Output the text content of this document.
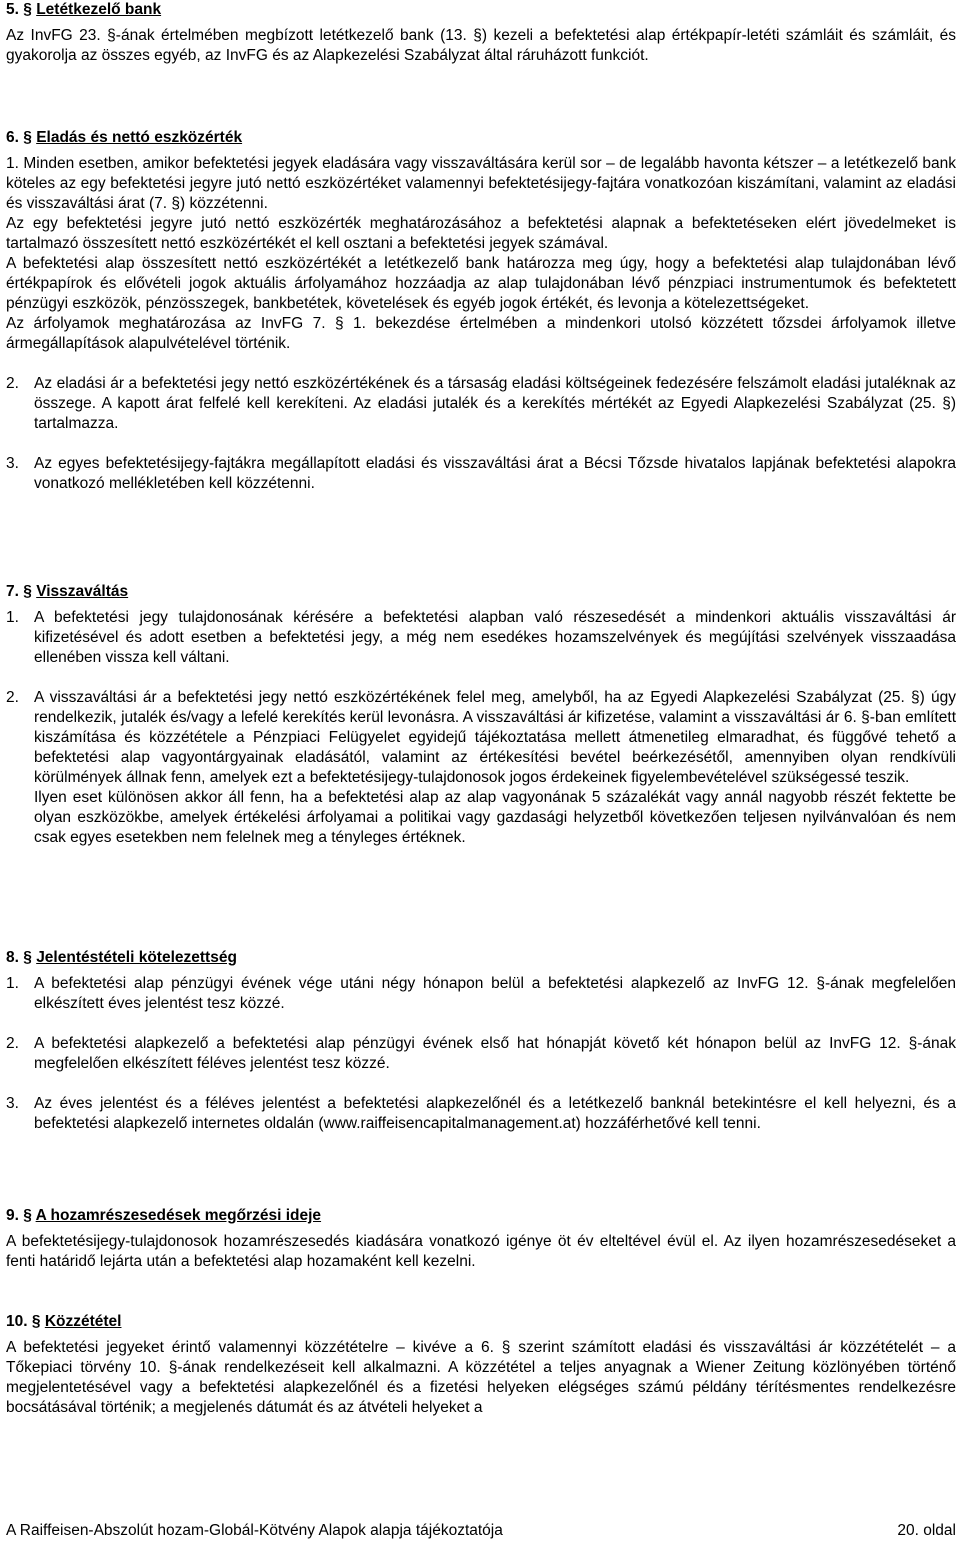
5. § Letétkezelő bank

Az InvFG 23. §-ának értelmében megbízott letétkezelő bank (13. §) kezeli a befektetési alap értékpapír-letéti számláit és számláit, és gyakorolja az összes egyéb, az InvFG és az Alapkezelési Szabályzat által ráruházott funkciót.

6. § Eladás és nettó eszközérték

1. Minden esetben, amikor befektetési jegyek eladására vagy visszaváltására kerül sor – de legalább havonta kétszer – a letétkezelő bank köteles az egy befektetési jegyre jutó nettó eszközértéket valamennyi befektetésijegy-fajtára vonatkozóan kiszámítani, valamint az eladási és visszaváltási árat (7. §) közzétenni.

Az egy befektetési jegyre jutó nettó eszközérték meghatározásához a befektetési alapnak a befektetéseken elért jövedelmeket is tartalmazó összesített nettó eszközértékét el kell osztani a befektetési jegyek számával.

A befektetési alap összesített nettó eszközértékét a letétkezelő bank határozza meg úgy, hogy a befektetési alap tulajdonában lévő értékpapírok és elővételi jogok aktuális árfolyamához hozzáadja az alap tulajdonában lévő pénzpiaci instrumentumok és befektetett pénzügyi eszközök, pénzösszegek, bankbetétek, követelések és egyéb jogok értékét, és levonja a kötelezettségeket.

Az árfolyamok meghatározása az InvFG 7. § 1. bekezdése értelmében a mindenkori utolsó közzétett tőzsdei árfolyamok illetve ármegállapítások alapulvételével történik.

2. Az eladási ár a befektetési jegy nettó eszközértékének és a társaság eladási költségeinek fedezésére felszámolt eladási jutaléknak az összege. A kapott árat felfelé kell kerekíteni. Az eladási jutalék és a kerekítés mértékét az Egyedi Alapkezelési Szabályzat (25. §) tartalmazza.

3. Az egyes befektetésijegy-fajtákra megállapított eladási és visszaváltási árat a Bécsi Tőzsde hivatalos lapjának befektetési alapokra vonatkozó mellékletében kell közzétenni.

7. § Visszaváltás
1. A befektetési jegy tulajdonosának kérésére a befektetési alapban való részesedését a mindenkori aktuális visszaváltási ár kifizetésével és adott esetben a befektetési jegy, a még nem esedékes hozamszelvények és megújítási szelvények visszaadása ellenében vissza kell váltani.

2. A visszaváltási ár a befektetési jegy nettó eszközértékének felel meg, amelyből, ha az Egyedi Alapkezelési Szabályzat (25. §) úgy rendelkezik, jutalék és/vagy a lefelé kerekítés kerül levonásra. A visszaváltási ár kifizetése, valamint a visszaváltási ár 6. §-ban említett kiszámítása és közzététele a Pénzpiaci Felügyelet egyidejű tájékoztatása mellett átmenetileg elmaradhat, és függővé tehető a befektetési alap vagyontárgyainak eladásától, valamint az értékesítési bevétel beérkezésétől, amennyiben olyan rendkívüli körülmények állnak fenn, amelyek ezt a befektetésijegy-tulajdonosok jogos érdekeinek figyelembevételével szükségessé teszik.

Ilyen eset különösen akkor áll fenn, ha a befektetési alap az alap vagyonának 5 százalékát vagy annál nagyobb részét fektette be olyan eszközökbe, amelyek értékelési árfolyamai a politikai vagy gazdasági helyzetből következően teljesen nyilvánvalóan és nem csak egyes esetekben nem felelnek meg a tényleges értéknek.

8. § Jelentéstételi kötelezettség
1. A befektetési alap pénzügyi évének vége utáni négy hónapon belül a befektetési alapkezelő az InvFG 12. §-ának megfelelően elkészített éves jelentést tesz közzé.

2. A befektetési alapkezelő a befektetési alap pénzügyi évének első hat hónapját követő két hónapon belül az InvFG 12. §-ának megfelelően elkészített féléves jelentést tesz közzé.

3. Az éves jelentést és a féléves jelentést a befektetési alapkezelőnél és a letétkezelő banknál betekintésre el kell helyezni, és a befektetési alapkezelő internetes oldalán (www.raiffeisencapitalmanagement.at) hozzáférhetővé kell tenni.

9. § A hozamrészesedések megőrzési ideje

A befektetésijegy-tulajdonosok hozamrészesedés kiadására vonatkozó igénye öt év elteltével évül el. Az ilyen hozamrészesedéseket a fenti határidő lejárta után a befektetési alap hozamaként kell kezelni.

10. § Közzététel

A befektetési jegyeket érintő valamennyi közzétételre – kivéve a 6. § szerint számított eladási és visszaváltási ár közzétételét – a Tőkepiaci törvény 10. §-ának rendelkezéseit kell alkalmazni. A közzététel a teljes anyagnak a Wiener Zeitung közlönyében történő megjelentetésével vagy a befektetési alapkezelőnél és a fizetési helyeken elégséges számú példány térítésmentes rendelkezésre bocsátásával történik; a megjelenés dátumát és az átvételi helyeket a

A Raiffeisen-Abszolút hozam-Globál-Kötvény Alapok alapja tájékoztatója	20. oldal
